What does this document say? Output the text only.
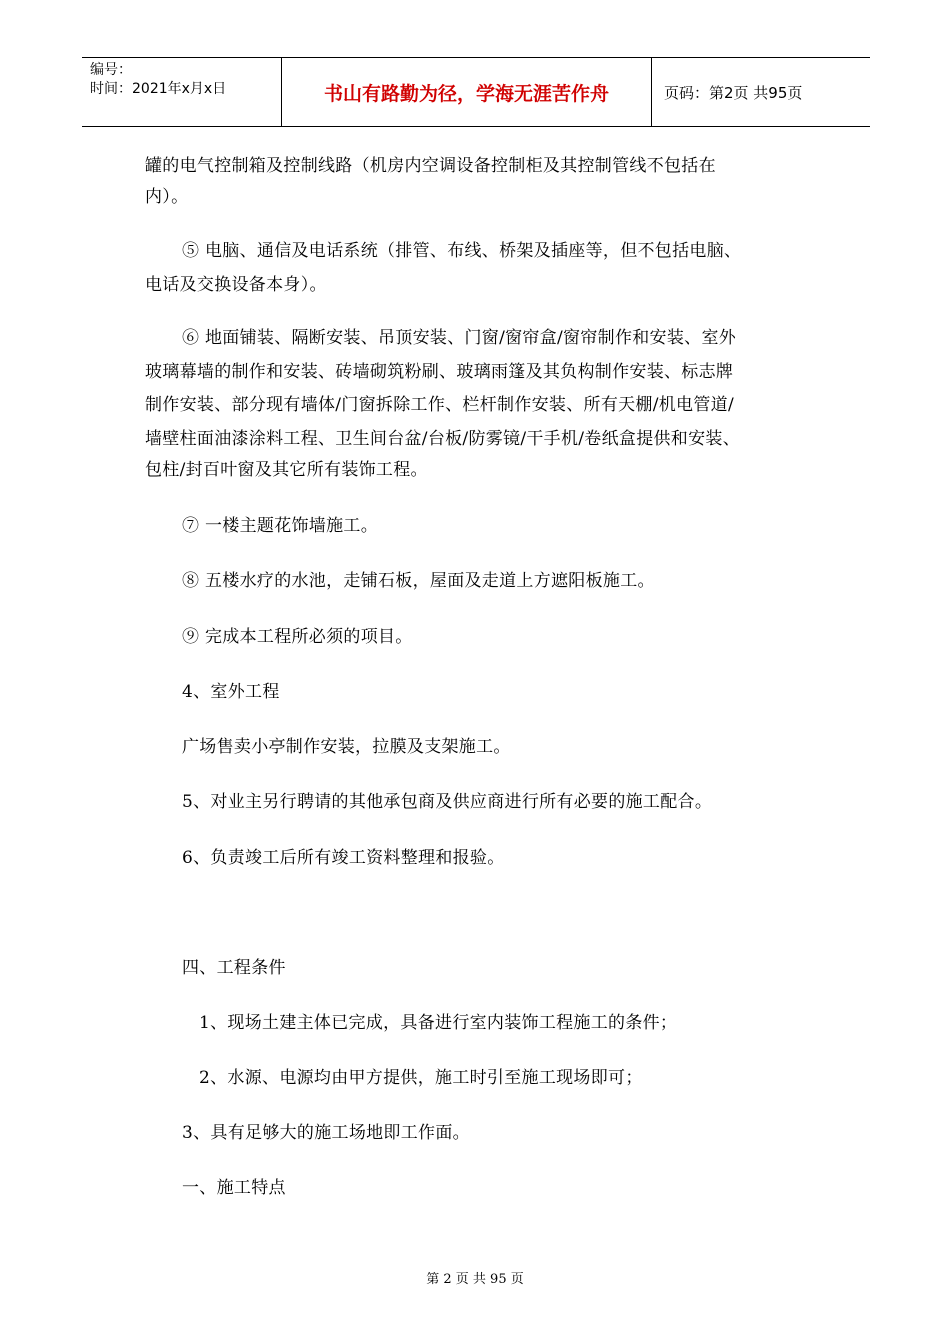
编号：
时间：2021年x月x日	书山有路勤为径，学海无涯苦作舟	页码：第2页 共95页
罐的电气控制箱及控制线路（机房内空调设备控制柜及其控制管线不包括在
内）。
⑤ 电脑、通信及电话系统（排管、布线、桥架及插座等，但不包括电脑、
电话及交换设备本身）。
⑥ 地面铺装、隔断安装、吊顶安装、门窗/窗帘盒/窗帘制作和安装、室外
玻璃幕墙的制作和安装、砖墙砌筑粉刷、玻璃雨篷及其负构制作安装、标志牌
制作安装、部分现有墙体/门窗拆除工作、栏杆制作安装、所有天棚/机电管道/
墙壁柱面油漆涂料工程、卫生间台盆/台板/防雾镜/干手机/卷纸盒提供和安装、
包柱/封百叶窗及其它所有装饰工程。
⑦ 一楼主题花饰墙施工。
⑧ 五楼水疗的水池，走铺石板，屋面及走道上方遮阳板施工。
⑨ 完成本工程所必须的项目。
4、室外工程
广场售卖小亭制作安装，拉膜及支架施工。
5、对业主另行聘请的其他承包商及供应商进行所有必要的施工配合。
6、负责竣工后所有竣工资料整理和报验。
四、工程条件
1、现场土建主体已完成，具备进行室内装饰工程施工的条件；
2、水源、电源均由甲方提供，施工时引至施工现场即可；
3、具有足够大的施工场地即工作面。
一、施工特点
第 2 页 共 95 页
